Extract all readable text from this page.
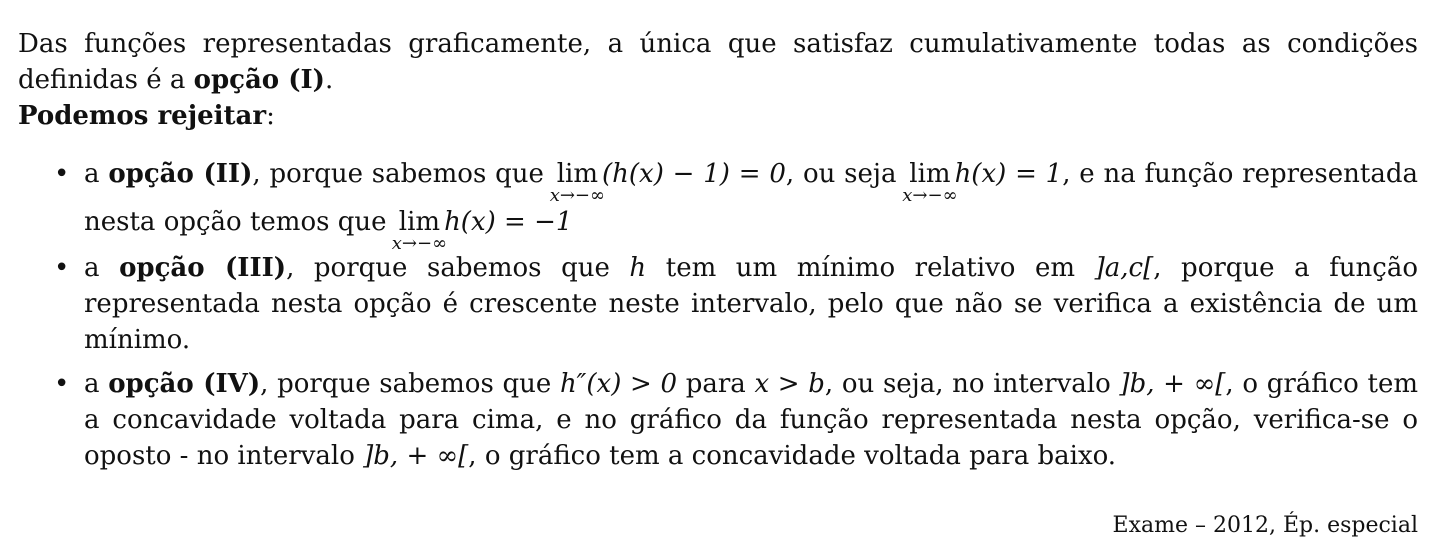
Das funções representadas graficamente, a única que satisfaz cumulativamente todas as condições definidas é a opção (I).

Podemos rejeitar:

• a opção (II), porque sabemos que lim
x→−∞
(h(x) − 1) = 0, ou seja lim
x→−∞
h(x) = 1, e na função representada nesta opção temos que lim
x→−∞
h(x) = −1
• a opção (III), porque sabemos que h tem um mínimo relativo em ]a,c[, porque a função representada nesta opção é crescente neste intervalo, pelo que não se verifica a existência de um mínimo.
• a opção (IV), porque sabemos que h″(x) > 0 para x > b, ou seja, no intervalo ]b, + ∞[, o gráfico tem a concavidade voltada para cima, e no gráfico da função representada nesta opção, verifica-se o oposto - no intervalo ]b, + ∞[, o gráfico tem a concavidade voltada para baixo.
Exame – 2012, Ép. especial
